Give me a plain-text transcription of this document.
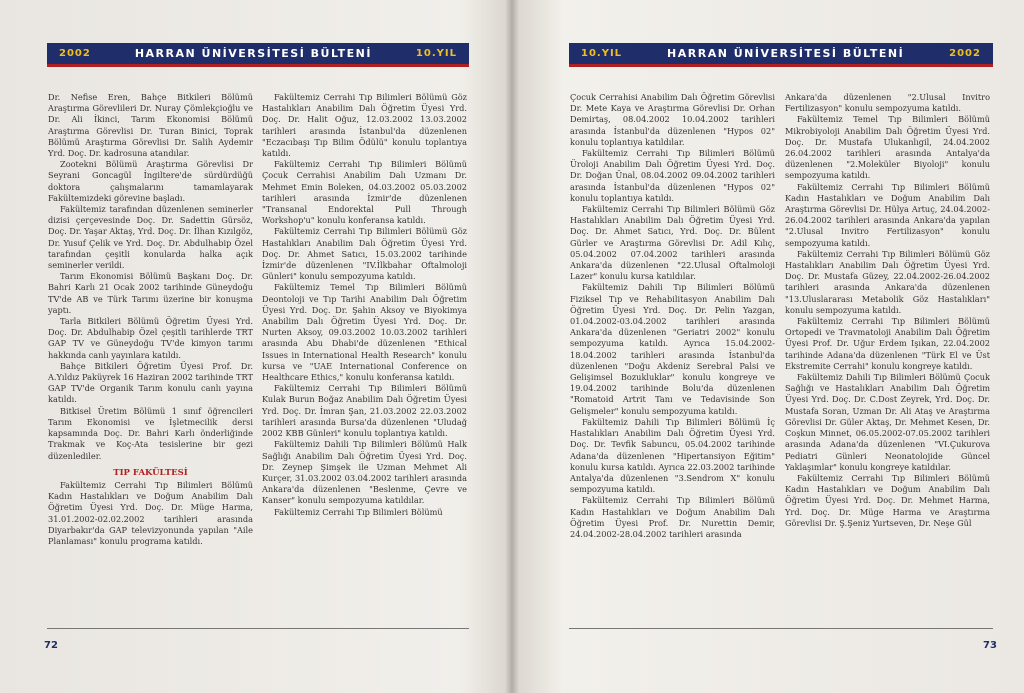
2002	HARRAN ÜNİVERSİTESİ BÜLTENİ	10.YIL

Dr. Nefise Eren, Bahçe Bitkileri Bölümü Araştırma Görevlileri Dr. Nuray Çömlekçioğlu ve Dr. Ali İkinci, Tarım Ekonomisi Bölümü Araştırma Görevlisi Dr. Turan Binici, Toprak Bölümü Araştırma Görevlisi Dr. Salih Aydemir Yrd. Doç. Dr. kadrosuna atandılar.

Zootekni Bölümü Araştırma Görevlisi Dr Seyrani Goncagül İngiltere'de sürdürdüğü doktora çalışmalarını tamamlayarak Fakültemizdeki görevine başladı.

Fakültemiz tarafından düzenlenen seminerler dizisi çerçevesinde Doç. Dr. Sadettin Gürsöz, Doç. Dr. Yaşar Aktaş, Yrd. Doç. Dr. İlhan Kızılgöz, Dr. Yusuf Çelik ve Yrd. Doç. Dr. Abdulhabip Özel tarafından çeşitli konularda halka açık seminerler verildi.

Tarım Ekonomisi Bölümü Başkanı Doç. Dr. Bahri Karlı 21 Ocak 2002 tarihinde Güneydoğu TV'de AB ve Türk Tarımı üzerine bir konuşma yaptı.

Tarla Bitkileri Bölümü Öğretim Üyesi Yrd. Doç. Dr. Abdulhabip Özel çeşitli tarihlerde TRT GAP TV ve Güneydoğu TV'de kimyon tarımı hakkında canlı yayınlara katıldı.

Bahçe Bitkileri Öğretim Üyesi Prof. Dr. A.Yıldız Paküyrek 16 Haziran 2002 tarihinde TRT GAP TV'de Organik Tarım konulu canlı yayına katıldı.

Bitkisel Üretim Bölümü 1 sınıf öğrencileri Tarım Ekonomisi ve İşletmecilik dersi kapsamında Doç. Dr. Bahri Karlı önderliğinde Trakmak ve Koç-Ata tesislerine bir gezi düzenlediler.

TIP FAKÜLTESİ

Fakültemiz Cerrahi Tıp Bilimleri Bölümü Kadın Hastalıkları ve Doğum Anabilim Dalı Öğretim Üyesi Yrd. Doç. Dr. Müge Harma, 31.01.2002-02.02.2002 tarihleri arasında Diyarbakır'da GAP televizyonunda yapılan "Aile Planlaması" konulu programa katıldı.

Fakültemiz Cerrahi Tıp Bilimleri Bölümü Göz Hastalıkları Anabilim Dalı Öğretim Üyesi Yrd. Doç. Dr. Halit Oğuz, 12.03.2002 13.03.2002 tarihleri arasında İstanbul'da düzenlenen "Eczacıbaşı Tıp Bilim Ödülü" konulu toplantıya katıldı.

Fakültemiz Cerrahi Tıp Bilimleri Bölümü Çocuk Cerrahisi Anabilim Dalı Uzmanı Dr. Mehmet Emin Boleken, 04.03.2002 05.03.2002 tarihleri arasında İzmir'de düzenlenen "Transanal Endorektal Pull Through Workshop'u" konulu konferansa katıldı.

Fakültemiz Cerrahi Tıp Bilimleri Bölümü Göz Hastalıkları Anabilim Dalı Öğretim Üyesi Yrd. Doç. Dr. Ahmet Satıcı, 15.03.2002 tarihinde İzmir'de düzenlenen "IV.İlkbahar Oftalmoloji Günleri" konulu sempozyuma katıldı.

Fakültemiz Temel Tıp Bilimleri Bölümü Deontoloji ve Tıp Tarihi Anabilim Dalı Öğretim Üyesi Yrd. Doç. Dr. Şahin Aksoy ve Biyokimya Anabilim Dalı Öğretim Üyesi Yrd. Doç. Dr. Nurten Aksoy, 09.03.2002 10.03.2002 tarihleri arasında Abu Dhabi'de düzenlenen "Ethical Issues in International Health Research" konulu kursa ve "UAE International Conference on Healthcare Ethics," konulu konferansa katıldı.

Fakültemiz Cerrahi Tıp Bilimleri Bölümü Kulak Burun Boğaz Anabilim Dalı Öğretim Üyesi Yrd. Doç. Dr. İmran Şan, 21.03.2002 22.03.2002 tarihleri arasında Bursa'da düzenlenen "Uludağ 2002 KBB Günleri" konulu toplantıya katıldı.

Fakültemiz Dahili Tıp Bilimleri Bölümü Halk Sağlığı Anabilim Dalı Öğretim Üyesi Yrd. Doç. Dr. Zeynep Şimşek ile Uzman Mehmet Ali Kurçer, 31.03.2002 03.04.2002 tarihleri arasında Ankara'da düzenlenen "Beslenme, Çevre ve Kanser" konulu sempozyuma katıldılar.

Fakültemiz Cerrahi Tıp Bilimleri Bölümü

72
10.YIL	HARRAN ÜNİVERSİTESİ BÜLTENİ	2002

Çocuk Cerrahisi Anabilim Dalı Öğretim Görevlisi Dr. Mete Kaya ve Araştırma Görevlisi Dr. Orhan Demirtaş, 08.04.2002 10.04.2002 tarihleri arasında İstanbul'da düzenlenen "Hypos 02" konulu toplantıya katıldılar.

Fakültemiz Cerrahi Tıp Bilimleri Bölümü Üroloji Anabilim Dalı Öğretim Üyesi Yrd. Doç. Dr. Doğan Ünal, 08.04.2002 09.04.2002 tarihleri arasında İstanbul'da düzenlenen "Hypos 02" konulu toplantıya katıldı.

Fakültemiz Cerrahi Tıp Bilimleri Bölümü Göz Hastalıkları Anabilim Dalı Öğretim Üyesi Yrd. Doç. Dr. Ahmet Satıcı, Yrd. Doç. Dr. Bülent Gürler ve Araştırma Görevlisi Dr. Adil Kılıç, 05.04.2002 07.04.2002 tarihleri arasında Ankara'da düzenlenen "22.Ulusal Oftalmoloji Lazer" konulu kursa katıldılar.

Fakültemiz Dahili Tıp Bilimleri Bölümü Fiziksel Tıp ve Rehabilitasyon Anabilim Dalı Öğretim Üyesi Yrd. Doç. Dr. Pelin Yazgan, 01.04.2002-03.04.2002 tarihleri arasında Ankara'da düzenlenen "Geriatri 2002" konulu sempozyuma katıldı. Ayrıca 15.04.2002-18.04.2002 tarihleri arasında İstanbul'da düzenlenen "Doğu Akdeniz Serebral Palsi ve Gelişimsel Bozukluklar" konulu kongreye ve 19.04.2002 tarihinde Bolu'da düzenlenen "Romatoid Artrit Tanı ve Tedavisinde Son Gelişmeler" konulu sempozyuma katıldı.

Fakültemiz Dahili Tıp Bilimleri Bölümü İç Hastalıkları Anabilim Dalı Öğretim Üyesi Yrd. Doç. Dr. Tevfik Sabuncu, 05.04.2002 tarihinde Adana'da düzenlenen "Hipertansiyon Eğitim" konulu kursa katıldı. Ayrıca 22.03.2002 tarihinde Antalya'da düzenlenen "3.Sendrom X" konulu sempozyuma katıldı.

Fakültemiz Cerrahi Tıp Bilimleri Bölümü Kadın Hastalıkları ve Doğum Anabilim Dalı Öğretim Üyesi Prof. Dr. Nurettin Demir, 24.04.2002-28.04.2002 tarihleri arasında

Ankara'da düzenlenen "2.Ulusal Invitro Fertilizasyon" konulu sempozyuma katıldı.

Fakültemiz Temel Tıp Bilimleri Bölümü Mikrobiyoloji Anabilim Dalı Öğretim Üyesi Yrd. Doç. Dr. Mustafa Ulukanlıgil, 24.04.2002 26.04.2002 tarihleri arasında Antalya'da düzenlenen "2.Moleküler Biyoloji" konulu sempozyuma katıldı.

Fakültemiz Cerrahi Tıp Bilimleri Bölümü Kadın Hastalıkları ve Doğum Anabilim Dalı Araştırma Görevlisi Dr. Hülya Artuç, 24.04.2002-26.04.2002 tarihleri arasında Ankara'da yapılan "2.Ulusal Invitro Fertilizasyon" konulu sempozyuma katıldı.

Fakültemiz Cerrahi Tıp Bilimleri Bölümü Göz Hastalıkları Anabilim Dalı Öğretim Üyesi Yrd. Doç. Dr. Mustafa Güzey, 22.04.2002-26.04.2002 tarihleri arasında Ankara'da düzenlenen "13.Uluslararası Metabolik Göz Hastalıkları" konulu sempozyuma katıldı.

Fakültemiz Cerrahi Tıp Bilimleri Bölümü Ortopedi ve Travmatoloji Anabilim Dalı Öğretim Üyesi Prof. Dr. Uğur Erdem Işıkan, 22.04.2002 tarihinde Adana'da düzenlenen "Türk El ve Üst Ekstremite Cerrahi" konulu kongreye katıldı.

Fakültemiz Dahili Tıp Bilimleri Bölümü Çocuk Sağlığı ve Hastalıkları Anabilim Dalı Öğretim Üyesi Yrd. Doç. Dr. C.Dost Zeyrek, Yrd. Doç. Dr. Mustafa Soran, Uzman Dr. Ali Ataş ve Araştırma Görevlisi Dr. Güler Aktaş, Dr. Mehmet Kesen, Dr. Coşkun Minnet, 06.05.2002-07.05.2002 tarihleri arasında Adana'da düzenlenen "VI.Çukurova Pediatri Günleri Neonatolojide Güncel Yaklaşımlar" konulu kongreye katıldılar.

Fakültemiz Cerrahi Tıp Bilimleri Bölümü Kadın Hastalıkları ve Doğum Anabilim Dalı Öğretim Üyesi Yrd. Doç. Dr. Mehmet Harma, Yrd. Doç. Dr. Müge Harma ve Araştırma Görevlisi Dr. Ş.Şeniz Yurtseven, Dr. Neşe Gül

73
